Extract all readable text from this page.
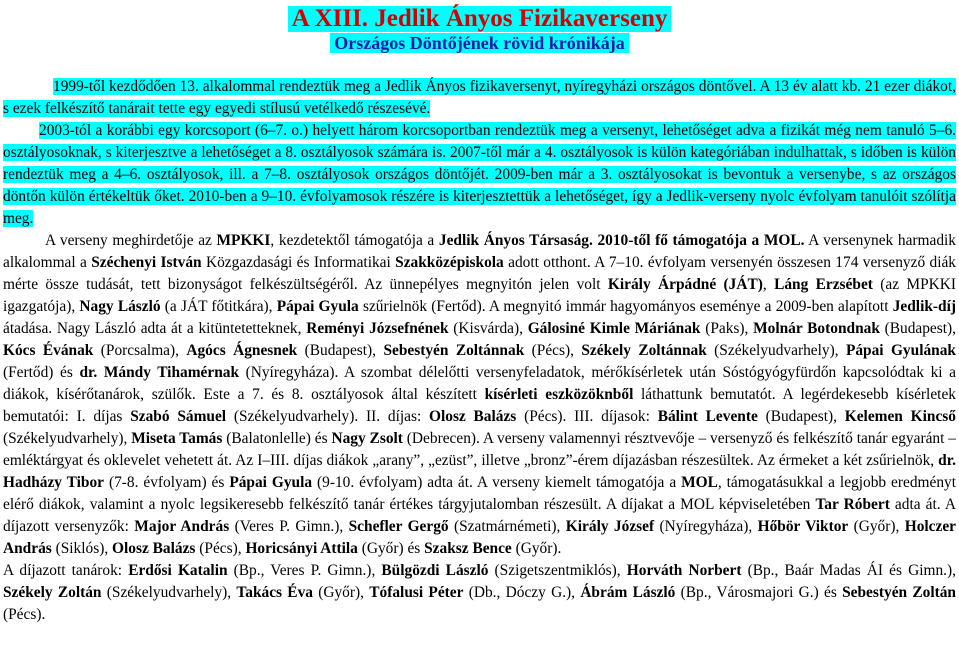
A XIII. Jedlik Ányos Fizikaverseny
Országos Döntőjének rövid krónikája

1999-től kezdődően 13. alkalommal rendeztük meg a Jedlik Ányos fizikaversenyt, nyíregyházi országos döntővel. A 13 év alatt kb. 21 ezer diákot, s ezek felkészítő tanárait tette egy egyedi stílusú vetélkedő részesévé.

2003-tól a korábbi egy korcsoport (6–7. o.) helyett három korcsoportban rendeztük meg a versenyt, lehetőséget adva a fizikát még nem tanuló 5–6. osztályosoknak, s kiterjesztve a lehetőséget a 8. osztályosok számára is. 2007-től már a 4. osztályosok is külön kategóriában indulhattak, s időben is külön rendeztük meg a 4–6. osztályosok, ill. a 7–8. osztályosok országos döntőjét. 2009-ben már a 3. osztályosokat is bevontuk a versenybe, s az országos döntőn külön értékeltük őket. 2010-ben a 9–10. évfolyamosok részére is kiterjesztettük a lehetőséget, így a Jedlik-verseny nyolc évfolyam tanulóit szólítja meg.

A verseny meghirdetője az MPKKI, kezdetektől támogatója a Jedlik Ányos Társaság. 2010-től fő támogatója a MOL. A versenynek harmadik alkalommal a Széchenyi István Közgazdasági és Informatikai Szakközépiskola adott otthont. A 7–10. évfolyam versenyén összesen 174 versenyző diák mérte össze tudását, tett bizonyságot felkészültségéről. Az ünnepélyes megnyitón jelen volt Király Árpádné (JÁT), Láng Erzsébet (az MPKKI igazgatója), Nagy László (a JÁT főtitkára), Pápai Gyula szűrielnök (Fertőd). A megnyitó immár hagyományos eseménye a 2009-ben alapított Jedlik-díj átadása. Nagy László adta át a kitüntetetteknek, Reményi Józsefnének (Kisvárda), Gálosiné Kimle Máriának (Paks), Molnár Botondnak (Budapest), Kócs Évának (Porcsalma), Agócs Ágnesnek (Budapest), Sebestyén Zoltánnak (Pécs), Székely Zoltánnak (Székelyudvarhely), Pápai Gyulának (Fertőd) és dr. Mándy Tihamérnak (Nyíregyháza). A szombat délelőtti versenyfeladatok, mérőkísérletek után Sóstógyógyfürdőn kapcsolódtak ki a diákok, kísérőtanárok, szülők. Este a 7. és 8. osztályosok által készített kísérleti eszközöknből láthattunk bemutatót. A legérdekesebb kísérletek bemutatói: I. díjas Szabó Sámuel (Székelyudvarhely). II. díjas: Olosz Balázs (Pécs). III. díjasok: Bálint Levente (Budapest), Kelemen Kincső (Székelyudvarhely), Miseta Tamás (Balatonlelle) és Nagy Zsolt (Debrecen). A verseny valamennyi résztvevője – versenyző és felkészítő tanár egyaránt – emléktárgyat és oklevelet vehetett át. Az I–III. díjas diákok „arany”, „ezüst”, illetve „bronz”-érem díjazásban részesültek. Az érmeket a két zsűrielnök, dr. Hadházy Tibor (7-8. évfolyam) és Pápai Gyula (9-10. évfolyam) adta át. A verseny kiemelt támogatója a MOL, támogatásukkal a legjobb eredményt elérő diákok, valamint a nyolc legsikeresebb felkészítő tanár értékes tárgyjutalomban részesült. A díjakat a MOL képviseletében Tar Róbert adta át. A díjazott versenyzők: Major András (Veres P. Gimn.), Schefler Gergő (Szatmárnémeti), Király József (Nyíregyháza), Hőbör Viktor (Győr), Holczer András (Siklós), Olosz Balázs (Pécs), Horicsányi Attila (Győr) és Szaksz Bence (Győr).

A díjazott tanárok: Erdősi Katalin (Bp., Veres P. Gimn.), Bülgözdi László (Szigetszentmiklós), Horváth Norbert (Bp., Baár Madas ÁI és Gimn.), Székely Zoltán (Székelyudvarhely), Takács Éva (Győr), Tófalusi Péter (Db., Dóczy G.), Ábrám László (Bp., Városmajori G.) és Sebestyén Zoltán (Pécs).
